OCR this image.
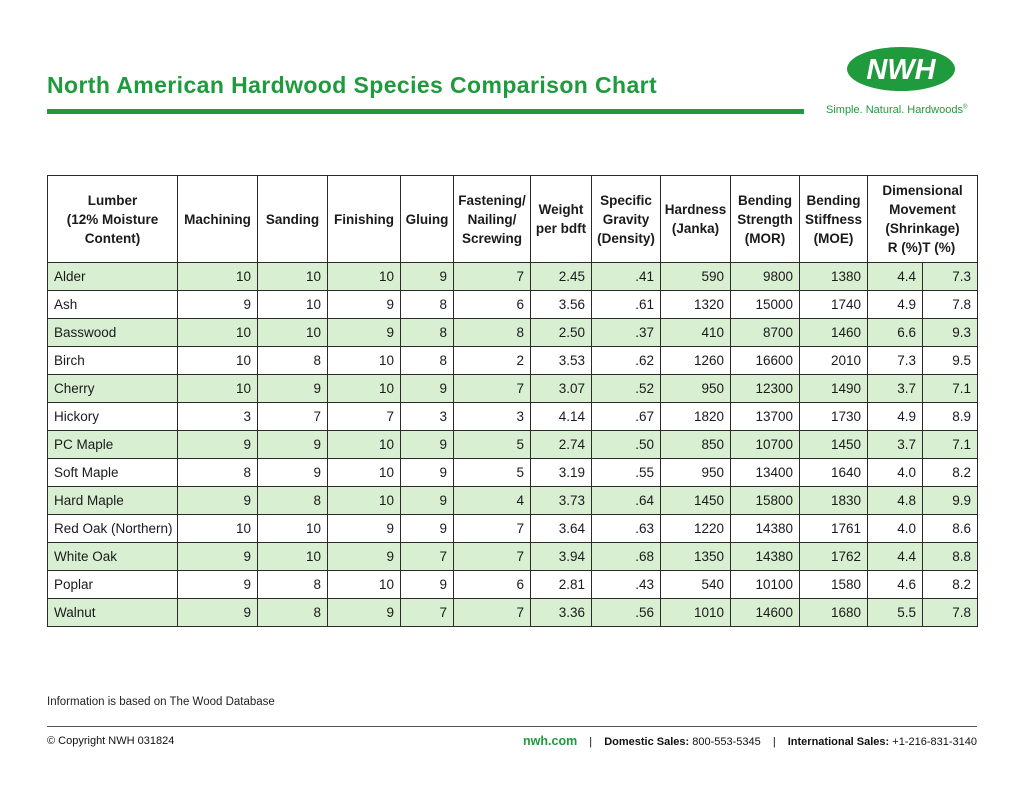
North American Hardwood Species Comparison Chart	NWH
Simple. Natural. Hardwoods®
Lumber
(12% Moisture
Content)	Machining	Sanding	Finishing	Gluing	Fastening/
Nailing/
Screwing	Weight
per bdft	Specific
Gravity
(Density)	Hardness
(Janka)	Bending
Strength
(MOR)	Bending
Stiffness
(MOE)	Dimensional
Movement
(Shrinkage)
R (%)T (%)	

Alder	10	10	10	9	7	2.45	.41	590	9800	1380	4.4	7.3
Ash	9	10	9	8	6	3.56	.61	1320	15000	1740	4.9	7.8
Basswood	10	10	9	8	8	2.50	.37	410	8700	1460	6.6	9.3
Birch	10	8	10	8	2	3.53	.62	1260	16600	2010	7.3	9.5
Cherry	10	9	10	9	7	3.07	.52	950	12300	1490	3.7	7.1
Hickory	3	7	7	3	3	4.14	.67	1820	13700	1730	4.9	8.9
PC Maple	9	9	10	9	5	2.74	.50	850	10700	1450	3.7	7.1
Soft Maple	8	9	10	9	5	3.19	.55	950	13400	1640	4.0	8.2
Hard Maple	9	8	10	9	4	3.73	.64	1450	15800	1830	4.8	9.9
Red Oak (Northern)	10	10	9	9	7	3.64	.63	1220	14380	1761	4.0	8.6
White Oak	9	10	9	7	7	3.94	.68	1350	14380	1762	4.4	8.8
Poplar	9	8	10	9	6	2.81	.43	540	10100	1580	4.6	8.2
Walnut	9	8	9	7	7	3.36	.56	1010	14600	1680	5.5	7.8
Information is based on The Wood Database
© Copyright NWH 031824	nwh.com | Domestic Sales: 800-553-5345 | International Sales: +1-216-831-3140
